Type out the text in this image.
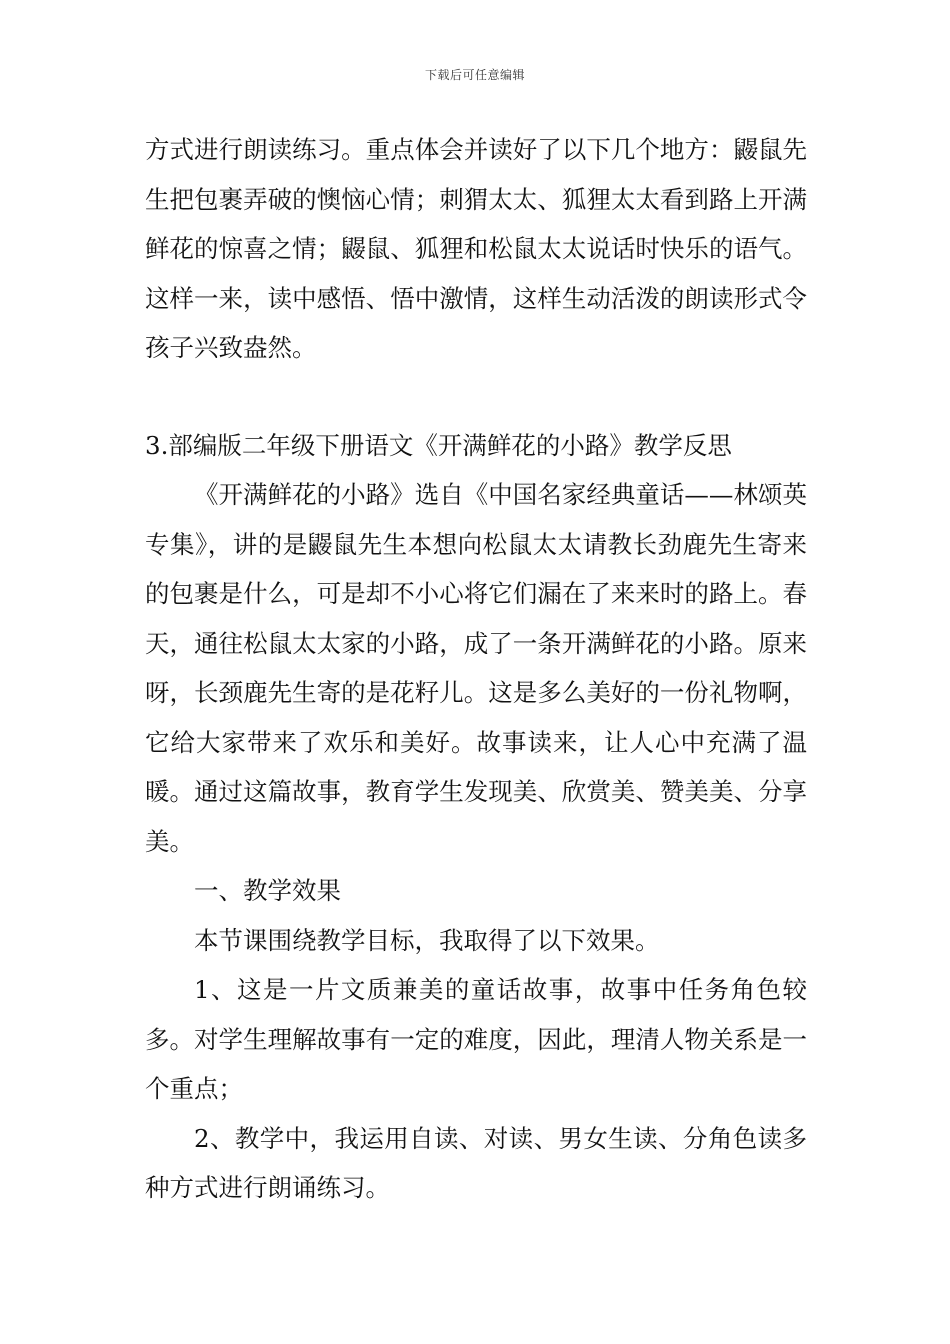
下载后可任意编辑

方式进行朗读练习。重点体会并读好了以下几个地方：鼹鼠先生把包裹弄破的懊恼心情；刺猬太太、狐狸太太看到路上开满鲜花的惊喜之情；鼹鼠、狐狸和松鼠太太说话时快乐的语气。这样一来，读中感悟、悟中激情，这样生动活泼的朗读形式令孩子兴致盎然。

3.部编版二年级下册语文《开满鲜花的小路》教学反思

《开满鲜花的小路》选自《中国名家经典童话——林颂英专集》，讲的是鼹鼠先生本想向松鼠太太请教长劲鹿先生寄来的包裹是什么，可是却不小心将它们漏在了来来时的路上。春天，通往松鼠太太家的小路，成了一条开满鲜花的小路。原来呀，长颈鹿先生寄的是花籽儿。这是多么美好的一份礼物啊，它给大家带来了欢乐和美好。故事读来，让人心中充满了温暖。通过这篇故事，教育学生发现美、欣赏美、赞美美、分享美。

一、教学效果

本节课围绕教学目标，我取得了以下效果。

1、这是一片文质兼美的童话故事，故事中任务角色较多。对学生理解故事有一定的难度，因此，理清人物关系是一个重点；

2、教学中，我运用自读、对读、男女生读、分角色读多种方式进行朗诵练习。
